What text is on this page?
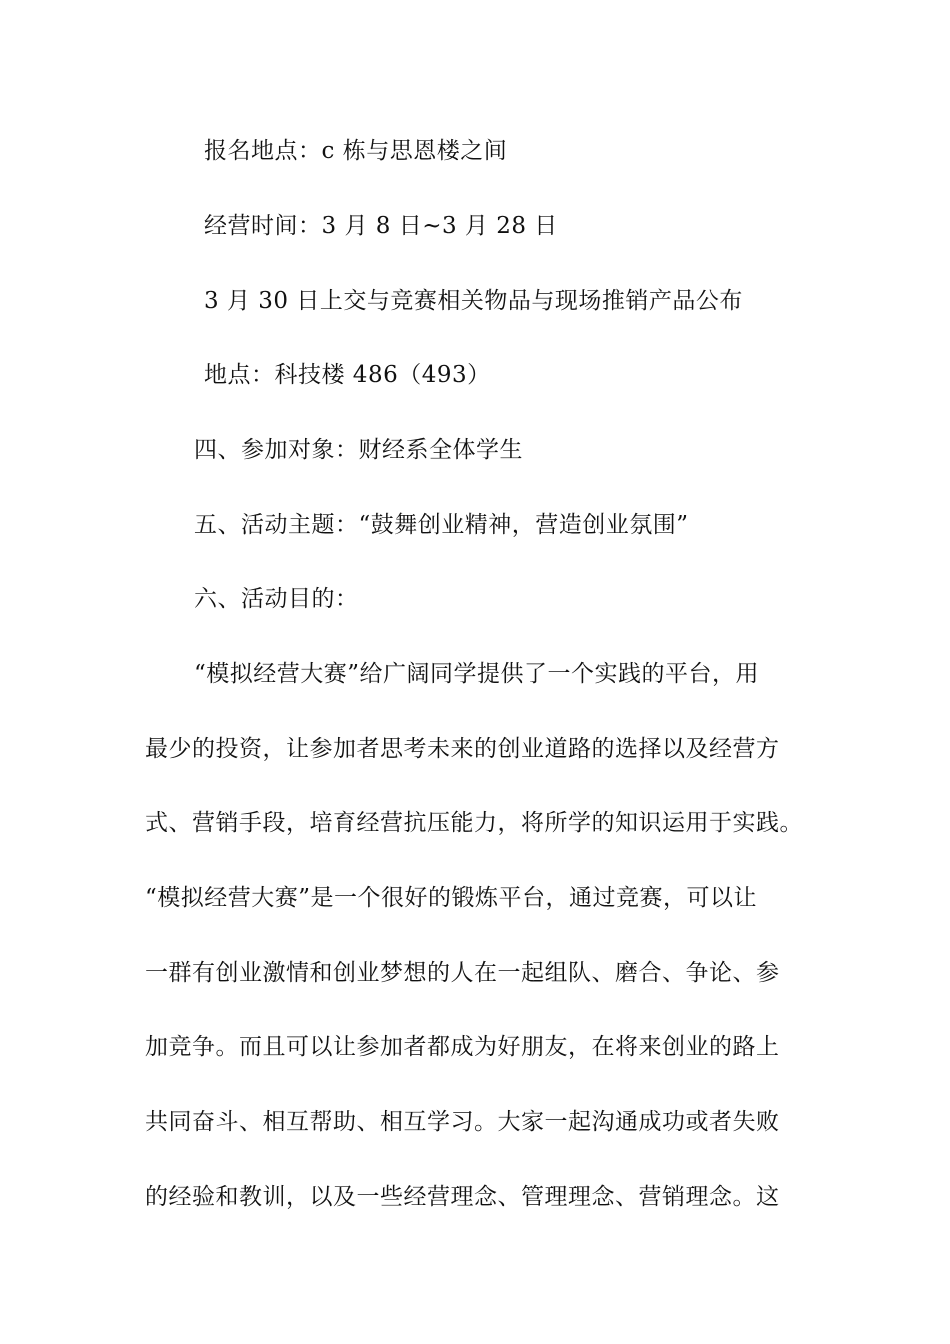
报名地点：c 栋与思恩楼之间
经营时间：3 月 8 日~3 月 28 日
3 月 30 日上交与竞赛相关物品与现场推销产品公布
地点：科技楼 486（493）
四、参加对象：财经系全体学生
五、活动主题：“鼓舞创业精神，营造创业氛围”
六、活动目的：
“模拟经营大赛”给广阔同学提供了一个实践的平台，用
最少的投资，让参加者思考未来的创业道路的选择以及经营方
式、营销手段，培育经营抗压能力，将所学的知识运用于实践。
“模拟经营大赛”是一个很好的锻炼平台，通过竞赛，可以让
一群有创业激情和创业梦想的人在一起组队、磨合、争论、参
加竞争。而且可以让参加者都成为好朋友，在将来创业的路上
共同奋斗、相互帮助、相互学习。大家一起沟通成功或者失败
的经验和教训，以及一些经营理念、管理理念、营销理念。这
